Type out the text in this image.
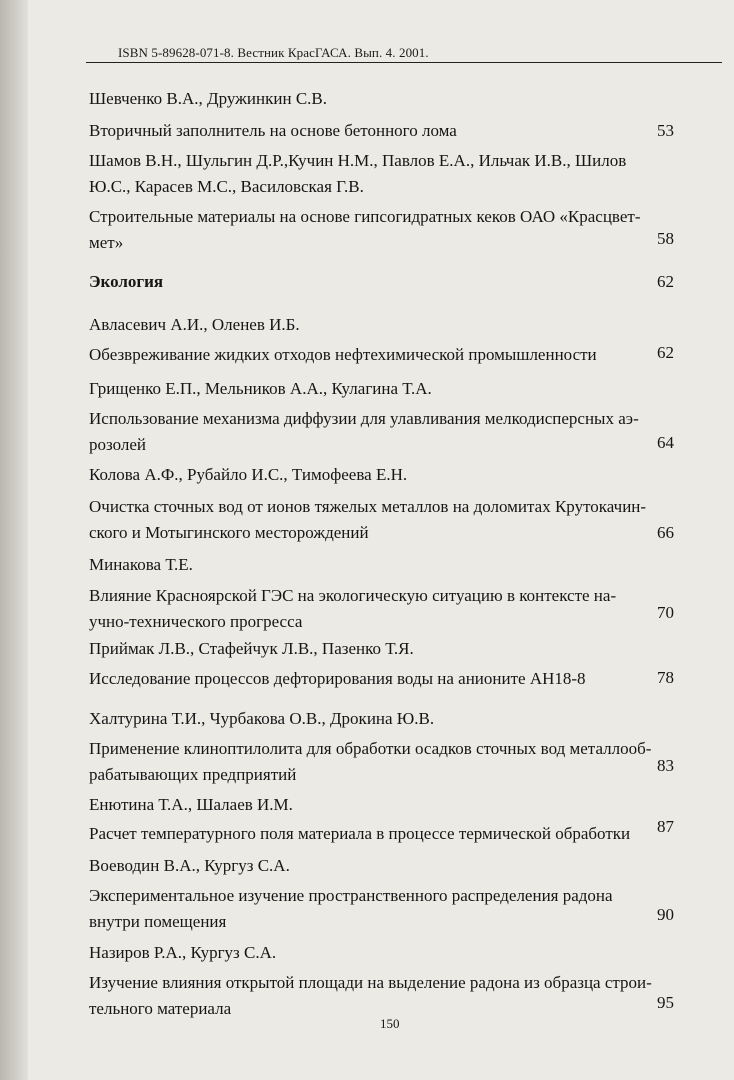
ISBN 5-89628-071-8. Вестник КрасГАСА. Вып. 4. 2001.
Шевченко В.А., Дружинкин С.В.
Вторичный заполнитель на основе бетонного лома	53
Шамов В.Н., Шульгин Д.Р.,Кучин Н.М., Павлов Е.А., Ильчак И.В., Шилов
Ю.С., Карасев М.С., Василовская Г.В.
Строительные материалы на основе гипсогидратных кеков ОАО «Красцвет-
мет»	58
Экология	62
Авласевич А.И., Оленев И.Б.
Обезвреживание жидких отходов нефтехимической промышленности	62
Грищенко Е.П., Мельников А.А., Кулагина Т.А.
Использование механизма диффузии для улавливания мелкодисперсных аэ-
розолей	64
Колова А.Ф., Рубайло И.С., Тимофеева Е.Н.
Очистка сточных вод от ионов тяжелых металлов на доломитах Крутокачин-
ского и Мотыгинского месторождений	66
Минакова Т.Е.
Влияние Красноярской ГЭС на экологическую ситуацию в контексте на-
учно-технического прогресса	70
Приймак Л.В., Стафейчук Л.В., Пазенко Т.Я.
Исследование процессов дефторирования воды на анионите АН18-8	78
Халтурина Т.И., Чурбакова О.В., Дрокина Ю.В.
Применение клиноптилолита для обработки осадков сточных вод металлооб-
рабатывающих предприятий	83
Енютина Т.А., Шалаев И.М.
Расчет температурного поля материала в процессе термической обработки 87
Воеводин В.А., Кургуз С.А.
Экспериментальное изучение пространственного распределения радона
внутри помещения	90
Назиров Р.А., Кургуз С.А.
Изучение влияния открытой площади на выделение радона из образца строи-
тельного материала	95
150
